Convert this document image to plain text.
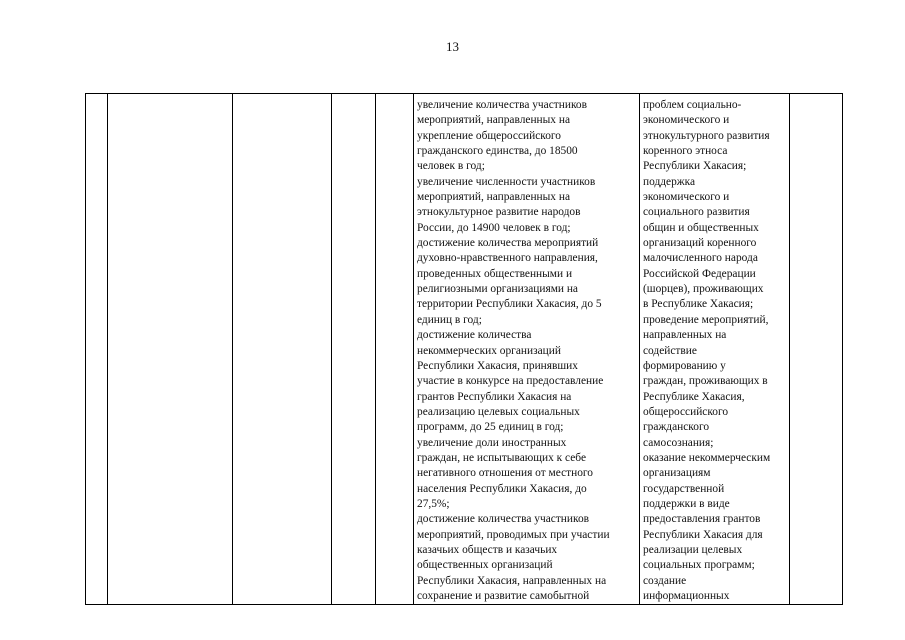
13

увеличение количества участников
мероприятий, направленных на
укрепление общероссийского
гражданского единства, до 18500
человек в год;
увеличение численности участников
мероприятий, направленных на
этнокультурное развитие народов
России, до 14900 человек в год;
достижение количества мероприятий
духовно-нравственного направления,
проведенных общественными и
религиозными организациями на
территории Республики Хакасия, до 5
единиц в год;
достижение количества
некоммерческих организаций
Республики Хакасия, принявших
участие в конкурсе на предоставление
грантов Республики Хакасия на
реализацию целевых социальных
программ, до 25 единиц в год;
увеличение доли иностранных
граждан, не испытывающих к себе
негативного отношения от местного
населения Республики Хакасия, до
27,5%;
достижение количества участников
мероприятий, проводимых при участии
казачьих обществ и казачьих
общественных организаций
Республики Хакасия, направленных на
сохранение и развитие самобытной

проблем социально-
экономического и
этнокультурного развития
коренного этноса
Республики Хакасия;
поддержка
экономического и
социального развития
общин и общественных
организаций коренного
малочисленного народа
Российской Федерации
(шорцев), проживающих
в Республике Хакасия;
проведение мероприятий,
направленных на
содействие
формированию у
граждан, проживающих в
Республике Хакасия,
общероссийского
гражданского
самосознания;
оказание некоммерческим
организациям
государственной
поддержки в виде
предоставления грантов
Республики Хакасия для
реализации целевых
социальных программ;
создание
информационных
